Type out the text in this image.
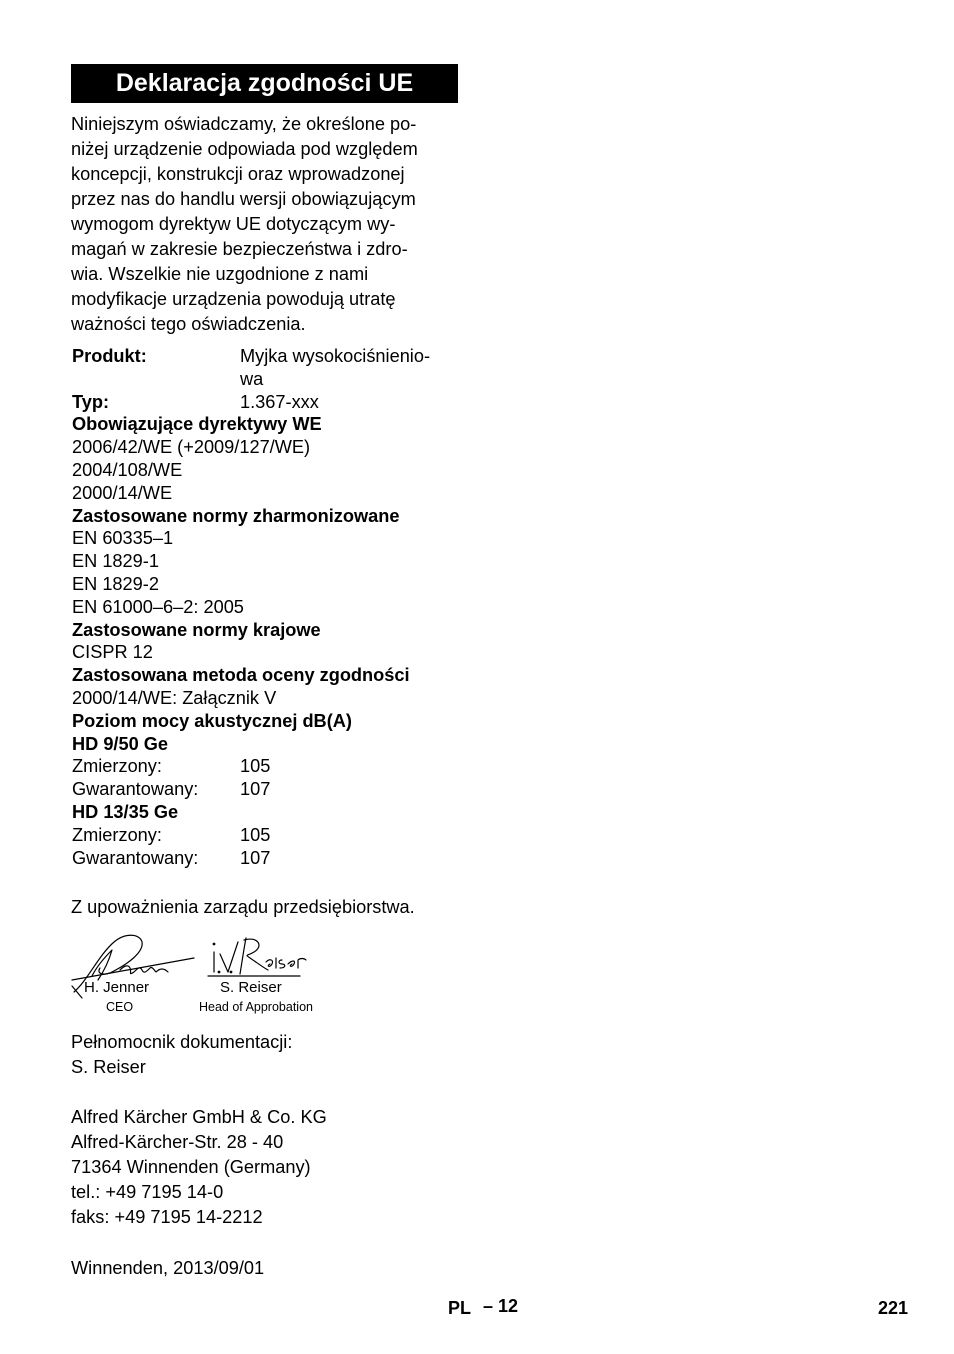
Deklaracja zgodności UE

Niniejszym oświadczamy, że określone po-
niżej urządzenie odpowiada pod względem
koncepcji, konstrukcji oraz wprowadzonej
przez nas do handlu wersji obowiązującym
wymogom dyrektyw UE dotyczącym wy-
magań w zakresie bezpieczeństwa i zdro-
wia. Wszelkie nie uzgodnione z nami
modyfikacje urządzenia powodują utratę
ważności tego oświadczenia.

Produkt:	Myjka wysokociśnienio-
wa
Typ:	1.367-xxx
Obowiązujące dyrektywy WE
2006/42/WE (+2009/127/WE)
2004/108/WE
2000/14/WE
Zastosowane normy zharmonizowane
EN 60335–1
EN 1829-1
EN 1829-2
EN 61000–6–2: 2005
Zastosowane normy krajowe
CISPR 12
Zastosowana metoda oceny zgodności
2000/14/WE: Załącznik V
Poziom mocy akustycznej dB(A)
HD 9/50 Ge
Zmierzony:	105
Gwarantowany:	107
HD 13/35 Ge
Zmierzony:	105
Gwarantowany:	107
Z upoważnienia zarządu przedsiębiorstwa.
H. Jenner
CEO
S. Reiser
Head of Approbation
Pełnomocnik dokumentacji:
S. Reiser
Alfred Kärcher GmbH & Co. KG
Alfred-Kärcher-Str. 28 - 40
71364 Winnenden (Germany)
tel.: +49 7195 14-0
faks: +49 7195 14-2212
Winnenden, 2013/09/01
PL – 12	221
